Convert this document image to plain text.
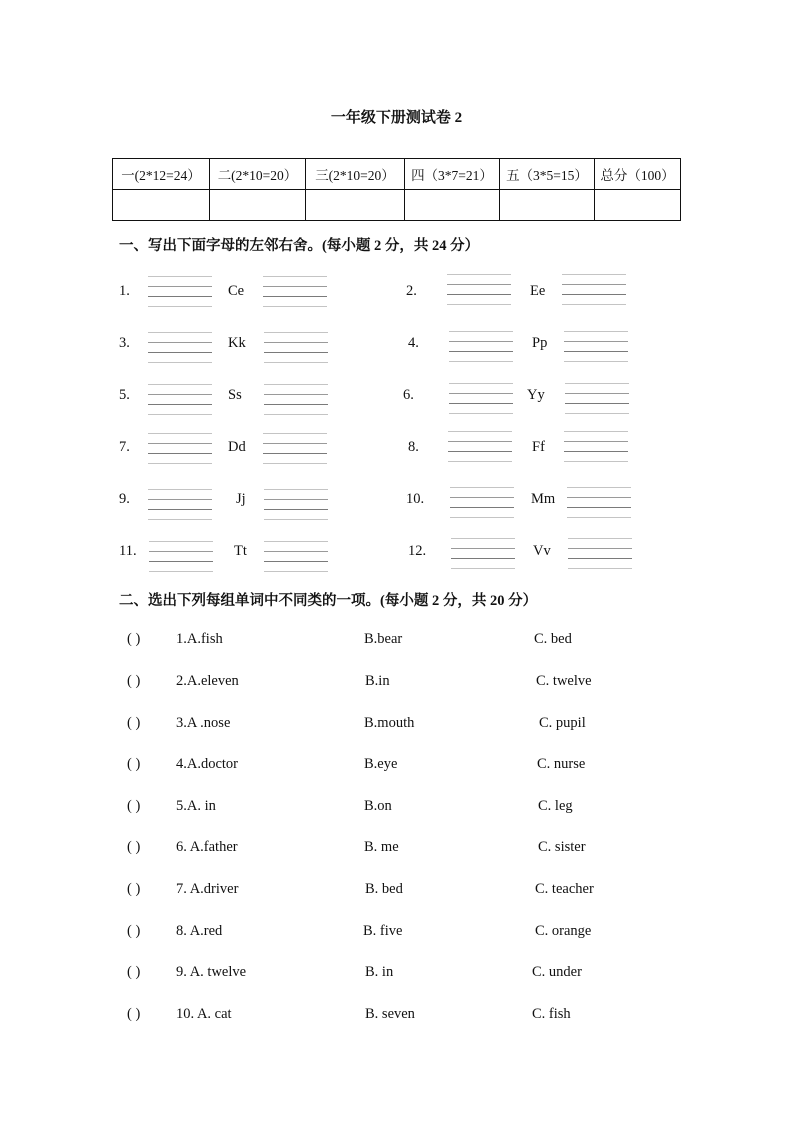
一年级下册测试卷 2
一(2*12=24）	二(2*10=20）	三(2*10=20）	四（3*7=21）	五（3*5=15）	总分（100）

一、写出下面字母的左邻右舍。(每小题 2 分，共 24 分）
1.	Ce	2.	Ee
3.	Kk	4.	Pp
5.	Ss	6.	Yy
7.	Dd	8.	Ff
9.	Jj	10.	Mm
11.	Tt	12.	Vv
二、选出下列每组单词中不同类的一项。(每小题 2 分，共 20 分）
( ) 1.A.fish	B.bear	C. bed
( ) 2.A.eleven	B.in	C. twelve
( ) 3.A .nose	B.mouth	C. pupil
( ) 4.A.doctor	B.eye	C. nurse
( ) 5.A. in	B.on	C. leg
( ) 6. A.father	B. me	C. sister
( ) 7. A.driver	B. bed	C. teacher
( ) 8. A.red	B. five	C. orange
( ) 9. A. twelve	B. in	C. under
( ) 10. A. cat	B. seven	C. fish
